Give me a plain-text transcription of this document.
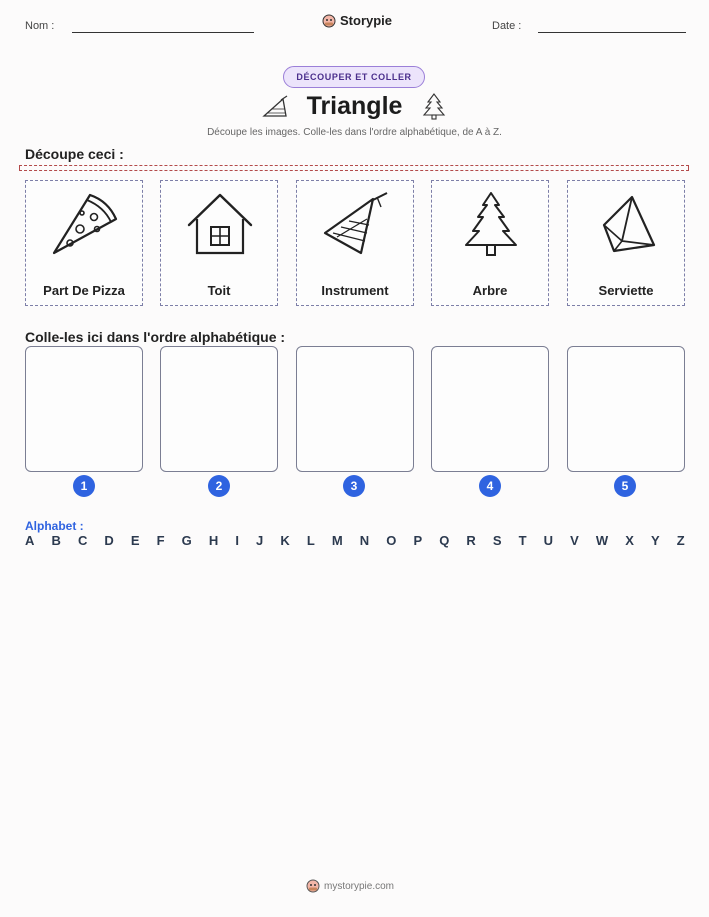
Nom :	Storypie	Date :
DÉCOUPER ET COLLER
Triangle
Découpe les images. Colle-les dans l'ordre alphabétique, de A à Z.
Découpe ceci :
Part De Pizza	Toit	Instrument	Arbre	Serviette
Colle-les ici dans l'ordre alphabétique :
1	2	3	4	5
Alphabet :
A B C D E F G H I J K L M N O P Q R S T U V W X Y Z
mystorypie.com
